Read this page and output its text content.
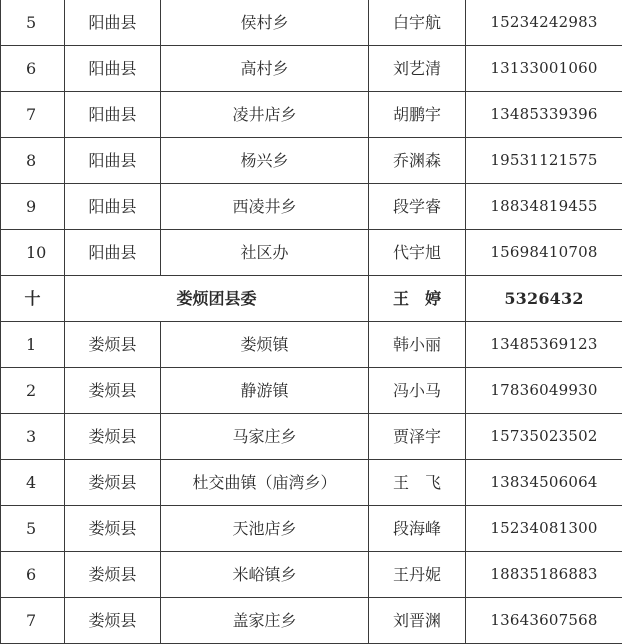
5	阳曲县	侯村乡	白宇航	15234242983
6	阳曲县	高村乡	刘艺清	13133001060
7	阳曲县	凌井店乡	胡鹏宇	13485339396
8	阳曲县	杨兴乡	乔渊森	19531121575
9	阳曲县	西凌井乡	段学睿	18834819455
10	阳曲县	社区办	代宇旭	15698410708
十	娄烦团县委		王　婷	5326432
1	娄烦县	娄烦镇	韩小丽	13485369123
2	娄烦县	静游镇	冯小马	17836049930
3	娄烦县	马家庄乡	贾泽宇	15735023502
4	娄烦县	杜交曲镇（庙湾乡）	王　飞	13834506064
5	娄烦县	天池店乡	段海峰	15234081300
6	娄烦县	米峪镇乡	王丹妮	18835186883
7	娄烦县	盖家庄乡	刘晋渊	13643607568
